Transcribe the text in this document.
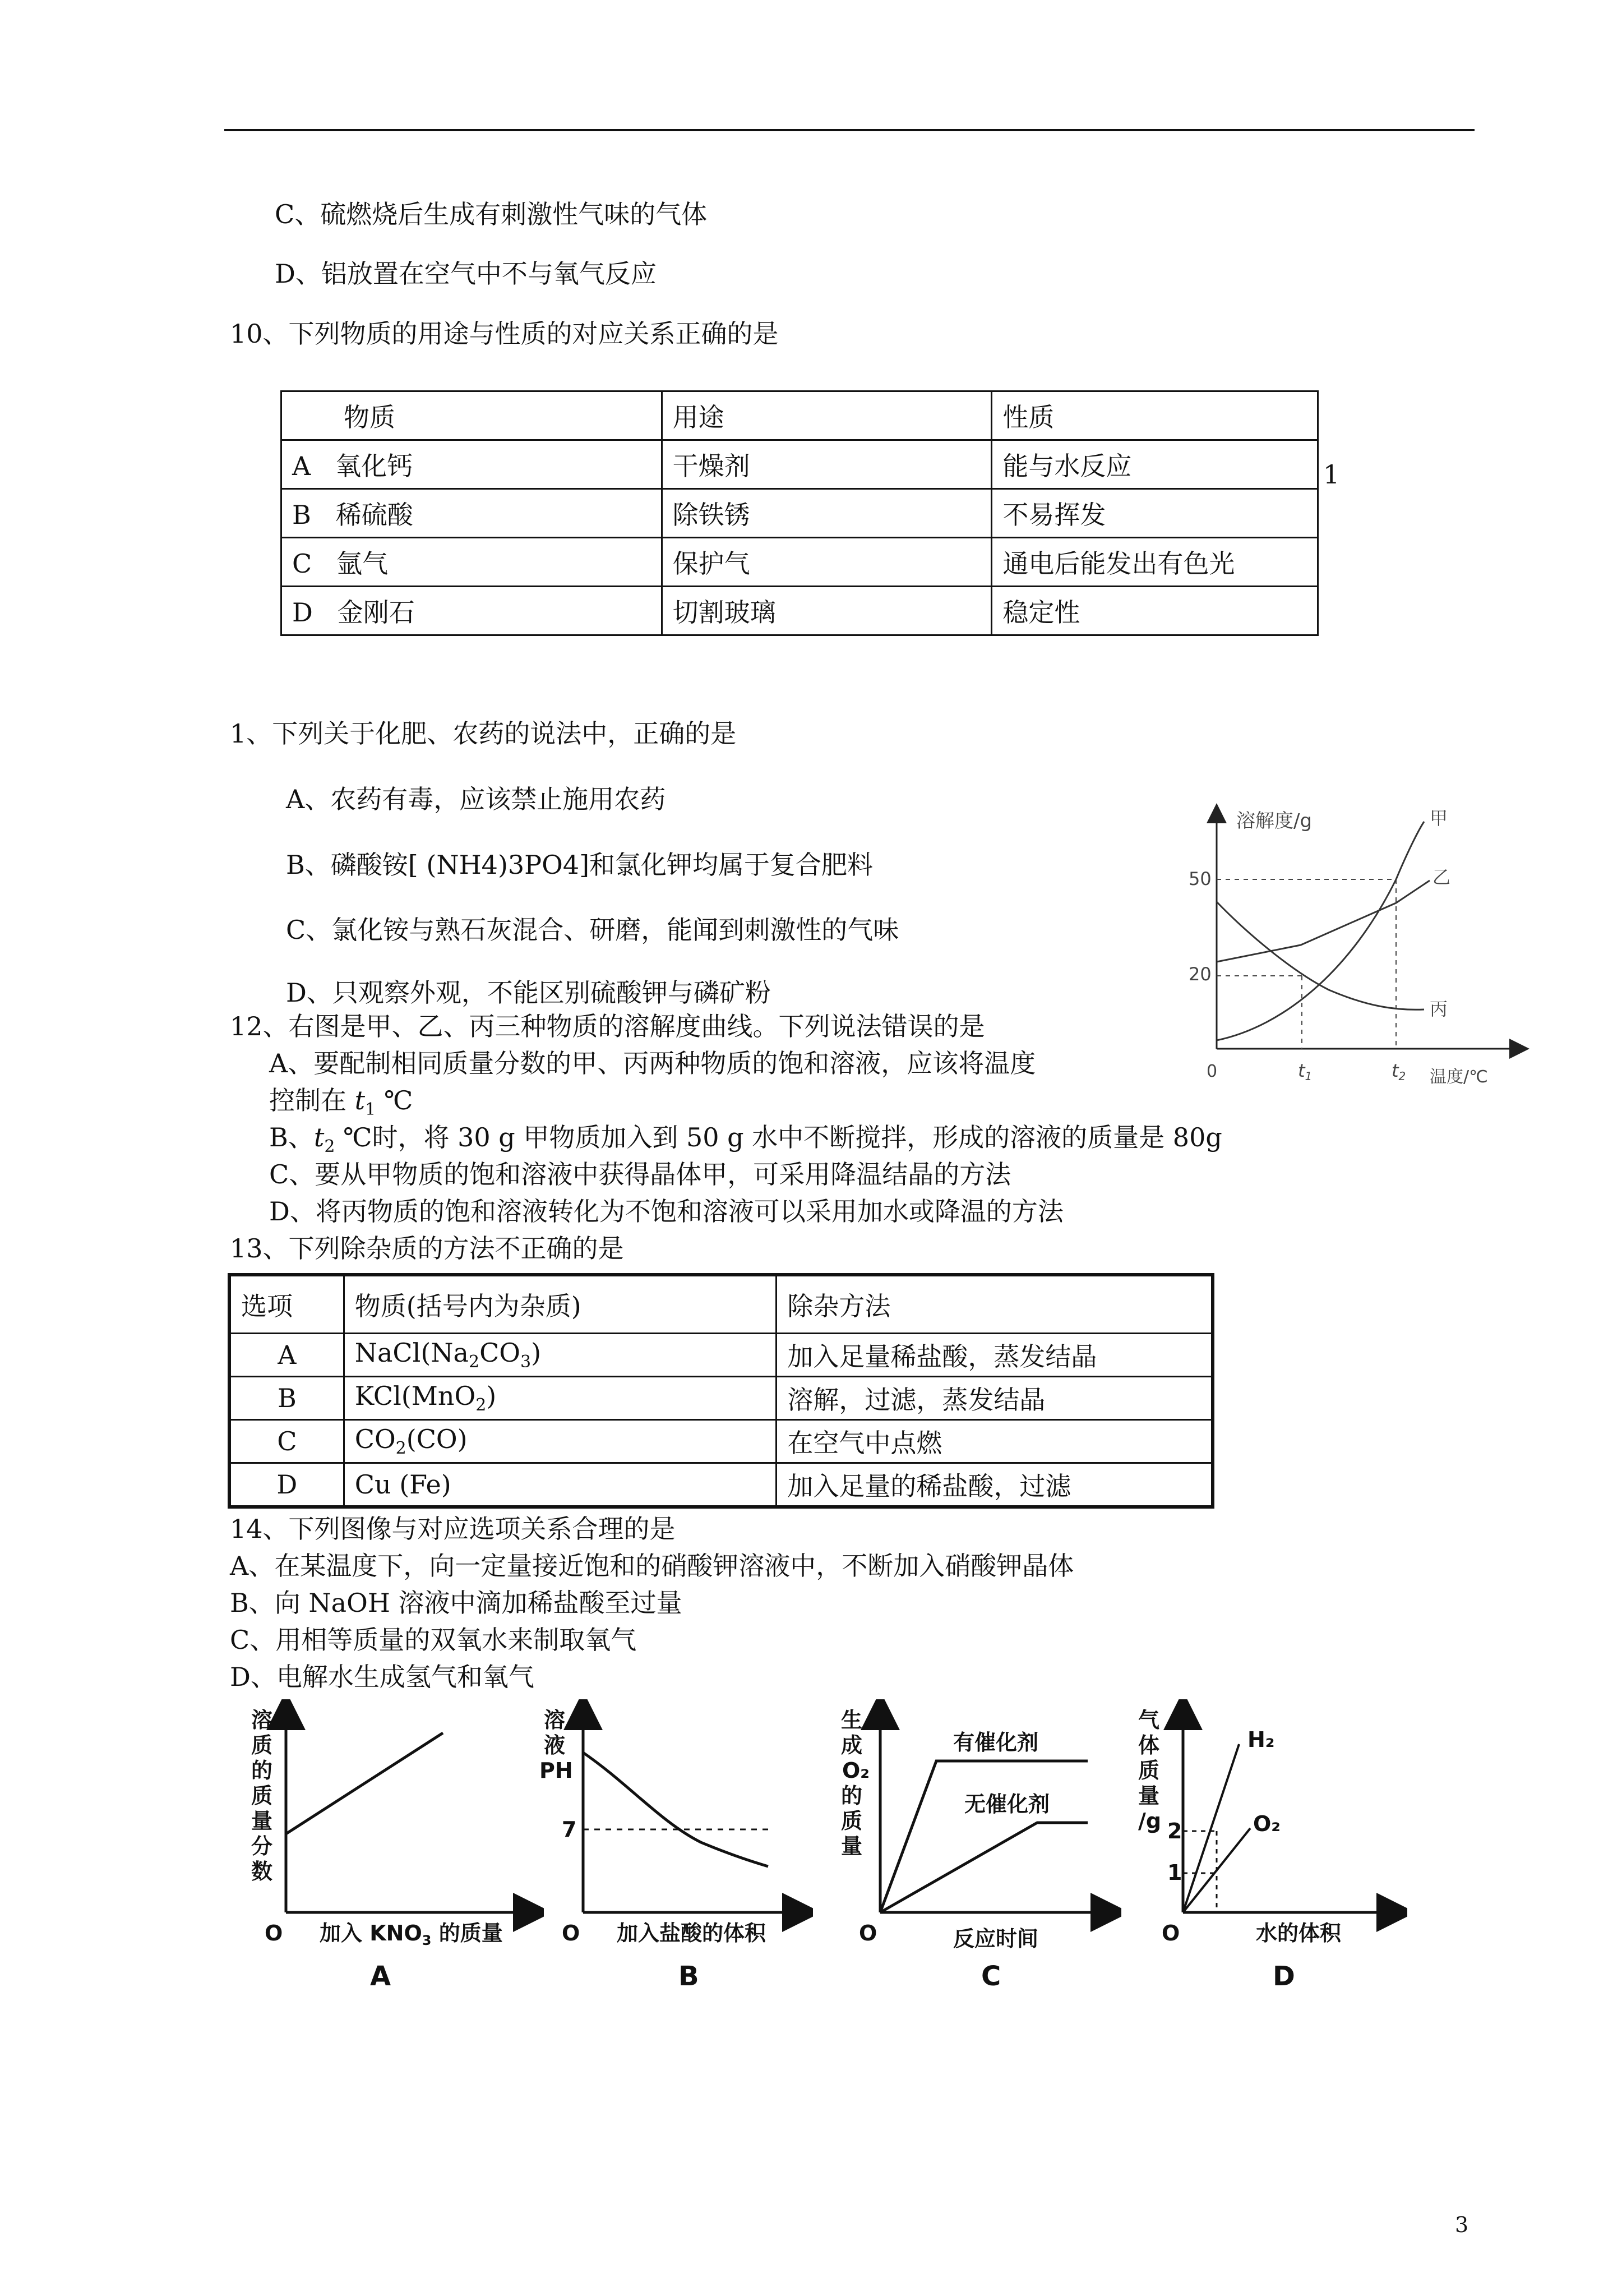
C、硫燃烧后生成有刺激性气味的气体
D、铝放置在空气中不与氧气反应
10、下列物质的用途与性质的对应关系正确的是
物质	用途	性质
A 氧化钙	干燥剂	能与水反应
B 稀硫酸	除铁锈	不易挥发
C 氩气	保护气	通电后能发出有色光
D 金刚石	切割玻璃	稳定性
1
1、下列关于化肥、农药的说法中，正确的是
A、农药有毒，应该禁止施用农药
B、磷酸铵[ (NH4)3PO4]和氯化钾均属于复合肥料
C、氯化铵与熟石灰混合、研磨，能闻到刺激性的气味
D、只观察外观，不能区别硫酸钾与磷矿粉
溶解度/g
温度/℃
0
50
20
t1	t2
甲
乙
丙
12、右图是甲、乙、丙三种物质的溶解度曲线。下列说法错误的是
A、要配制相同质量分数的甲、丙两种物质的饱和溶液，应该将温度
控制在 $t_1$ ℃
B、$t_2$ ℃时，将 30 g 甲物质加入到 50 g 水中不断搅拌，形成的溶液的质量是 80g
C、要从甲物质的饱和溶液中获得晶体甲，可采用降温结晶的方法
D、将丙物质的饱和溶液转化为不饱和溶液可以采用加水或降温的方法
13、下列除杂质的方法不正确的是
选项	物质(括号内为杂质)	除杂方法
A	$NaCl(Na_2CO_3)$	加入足量稀盐酸，蒸发结晶
B	KCl(MnO$_2$)	溶解，过滤，蒸发结晶
C	$CO_2(CO)$	在空气中点燃
D	Cu (Fe)	加入足量的稀盐酸，过滤
14、下列图像与对应选项关系合理的是
A、在某温度下，向一定量接近饱和的硝酸钾溶液中，不断加入硝酸钾晶体
B、向 NaOH 溶液中滴加稀盐酸至过量
C、用相等质量的双氧水来制取氧气
D、电解水生成氢气和氧气
溶
质
的
质
量
分
数
O 加入 $KNO_3$ 的质量
A
溶
液
PH
7
O 加入盐酸的体积
B
生
成
O₂
的
质
量
O	反应时间
有催化剂
无催化剂
C
气
体
质
量
/g 2
1
O	水的体积
H₂
O₂
D
3
